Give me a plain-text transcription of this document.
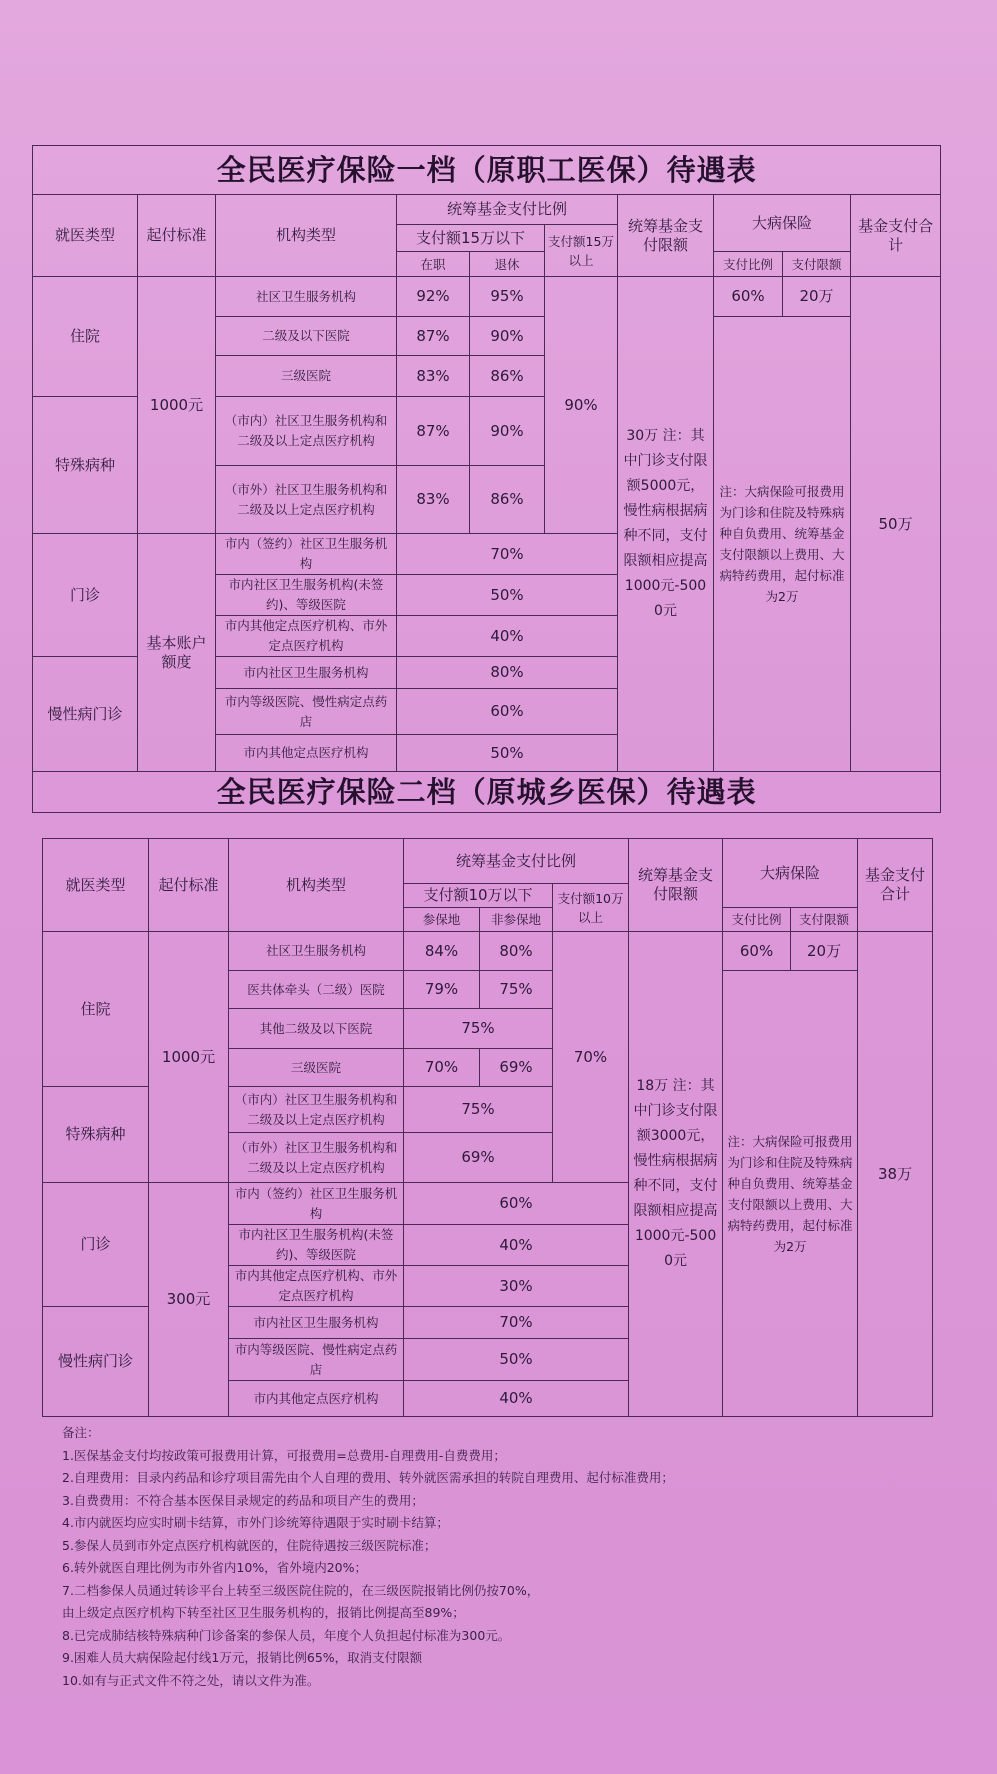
全民医疗保险一档（原职工医保）待遇表									
就医类型	起付标准	机构类型	统筹基金支付比例			统筹基金支付限额	大病保险		基金支付合计
			支付额15万以下		支付额15万以上				
			在职	退休			支付比例	支付限额	
住院	1000元	社区卫生服务机构	92%	95%	90%	30万 注：其中门诊支付限额5000元，慢性病根据病种不同，支付限额相应提高1000元-5000元	60%	20万	50万
		二级及以下医院	87%	90%			注：大病保险可报费用为门诊和住院及特殊病种自负费用、统筹基金支付限额以上费用、大病特药费用，起付标准为2万		
		三级医院	83%	86%					
特殊病种		（市内）社区卫生服务机构和二级及以上定点医疗机构	87%	90%					
		（市外）社区卫生服务机构和二级及以上定点医疗机构	83%	86%					
门诊	基本账户额度	市内（签约）社区卫生服务机构	70%						
		市内社区卫生服务机构(未签约)、等级医院	50%						
		市内其他定点医疗机构、市外定点医疗机构	40%						
慢性病门诊		市内社区卫生服务机构	80%						
		市内等级医院、慢性病定点药店	60%						
		市内其他定点医疗机构	50%						
全民医疗保险二档（原城乡医保）待遇表									
就医类型	起付标准	机构类型	统筹基金支付比例			统筹基金支付限额	大病保险		基金支付合计
			支付额10万以下		支付额10万以上				
			参保地	非参保地			支付比例	支付限额	
住院	1000元	社区卫生服务机构	84%	80%	70%	18万 注：其中门诊支付限额3000元，慢性病根据病种不同，支付限额相应提高1000元-5000元	60%	20万	38万
		医共体牵头（二级）医院	79%	75%			注：大病保险可报费用为门诊和住院及特殊病种自负费用、统筹基金支付限额以上费用、大病特药费用，起付标准为2万		
		其他二级及以下医院	75%						
		三级医院	70%	69%					
特殊病种		（市内）社区卫生服务机构和二级及以上定点医疗机构	75%						
		（市外）社区卫生服务机构和二级及以上定点医疗机构	69%						
门诊	300元	市内（签约）社区卫生服务机构	60%						
		市内社区卫生服务机构(未签约)、等级医院	40%						
		市内其他定点医疗机构、市外定点医疗机构	30%						
慢性病门诊		市内社区卫生服务机构	70%						
		市内等级医院、慢性病定点药店	50%						
		市内其他定点医疗机构	40%						
备注：
1.医保基金支付均按政策可报费用计算，可报费用=总费用-自理费用-自费费用；
2.自理费用：目录内药品和诊疗项目需先由个人自理的费用、转外就医需承担的转院自理费用、起付标准费用；
3.自费费用：不符合基本医保目录规定的药品和项目产生的费用；
4.市内就医均应实时刷卡结算，市外门诊统筹待遇限于实时刷卡结算；
5.参保人员到市外定点医疗机构就医的，住院待遇按三级医院标准；
6.转外就医自理比例为市外省内10%，省外境内20%；
7.二档参保人员通过转诊平台上转至三级医院住院的，在三级医院报销比例仍按70%，
由上级定点医疗机构下转至社区卫生服务机构的，报销比例提高至89%；
8.已完成肺结核特殊病种门诊备案的参保人员，年度个人负担起付标准为300元。
9.困难人员大病保险起付线1万元，报销比例65%，取消支付限额
10.如有与正式文件不符之处，请以文件为准。
